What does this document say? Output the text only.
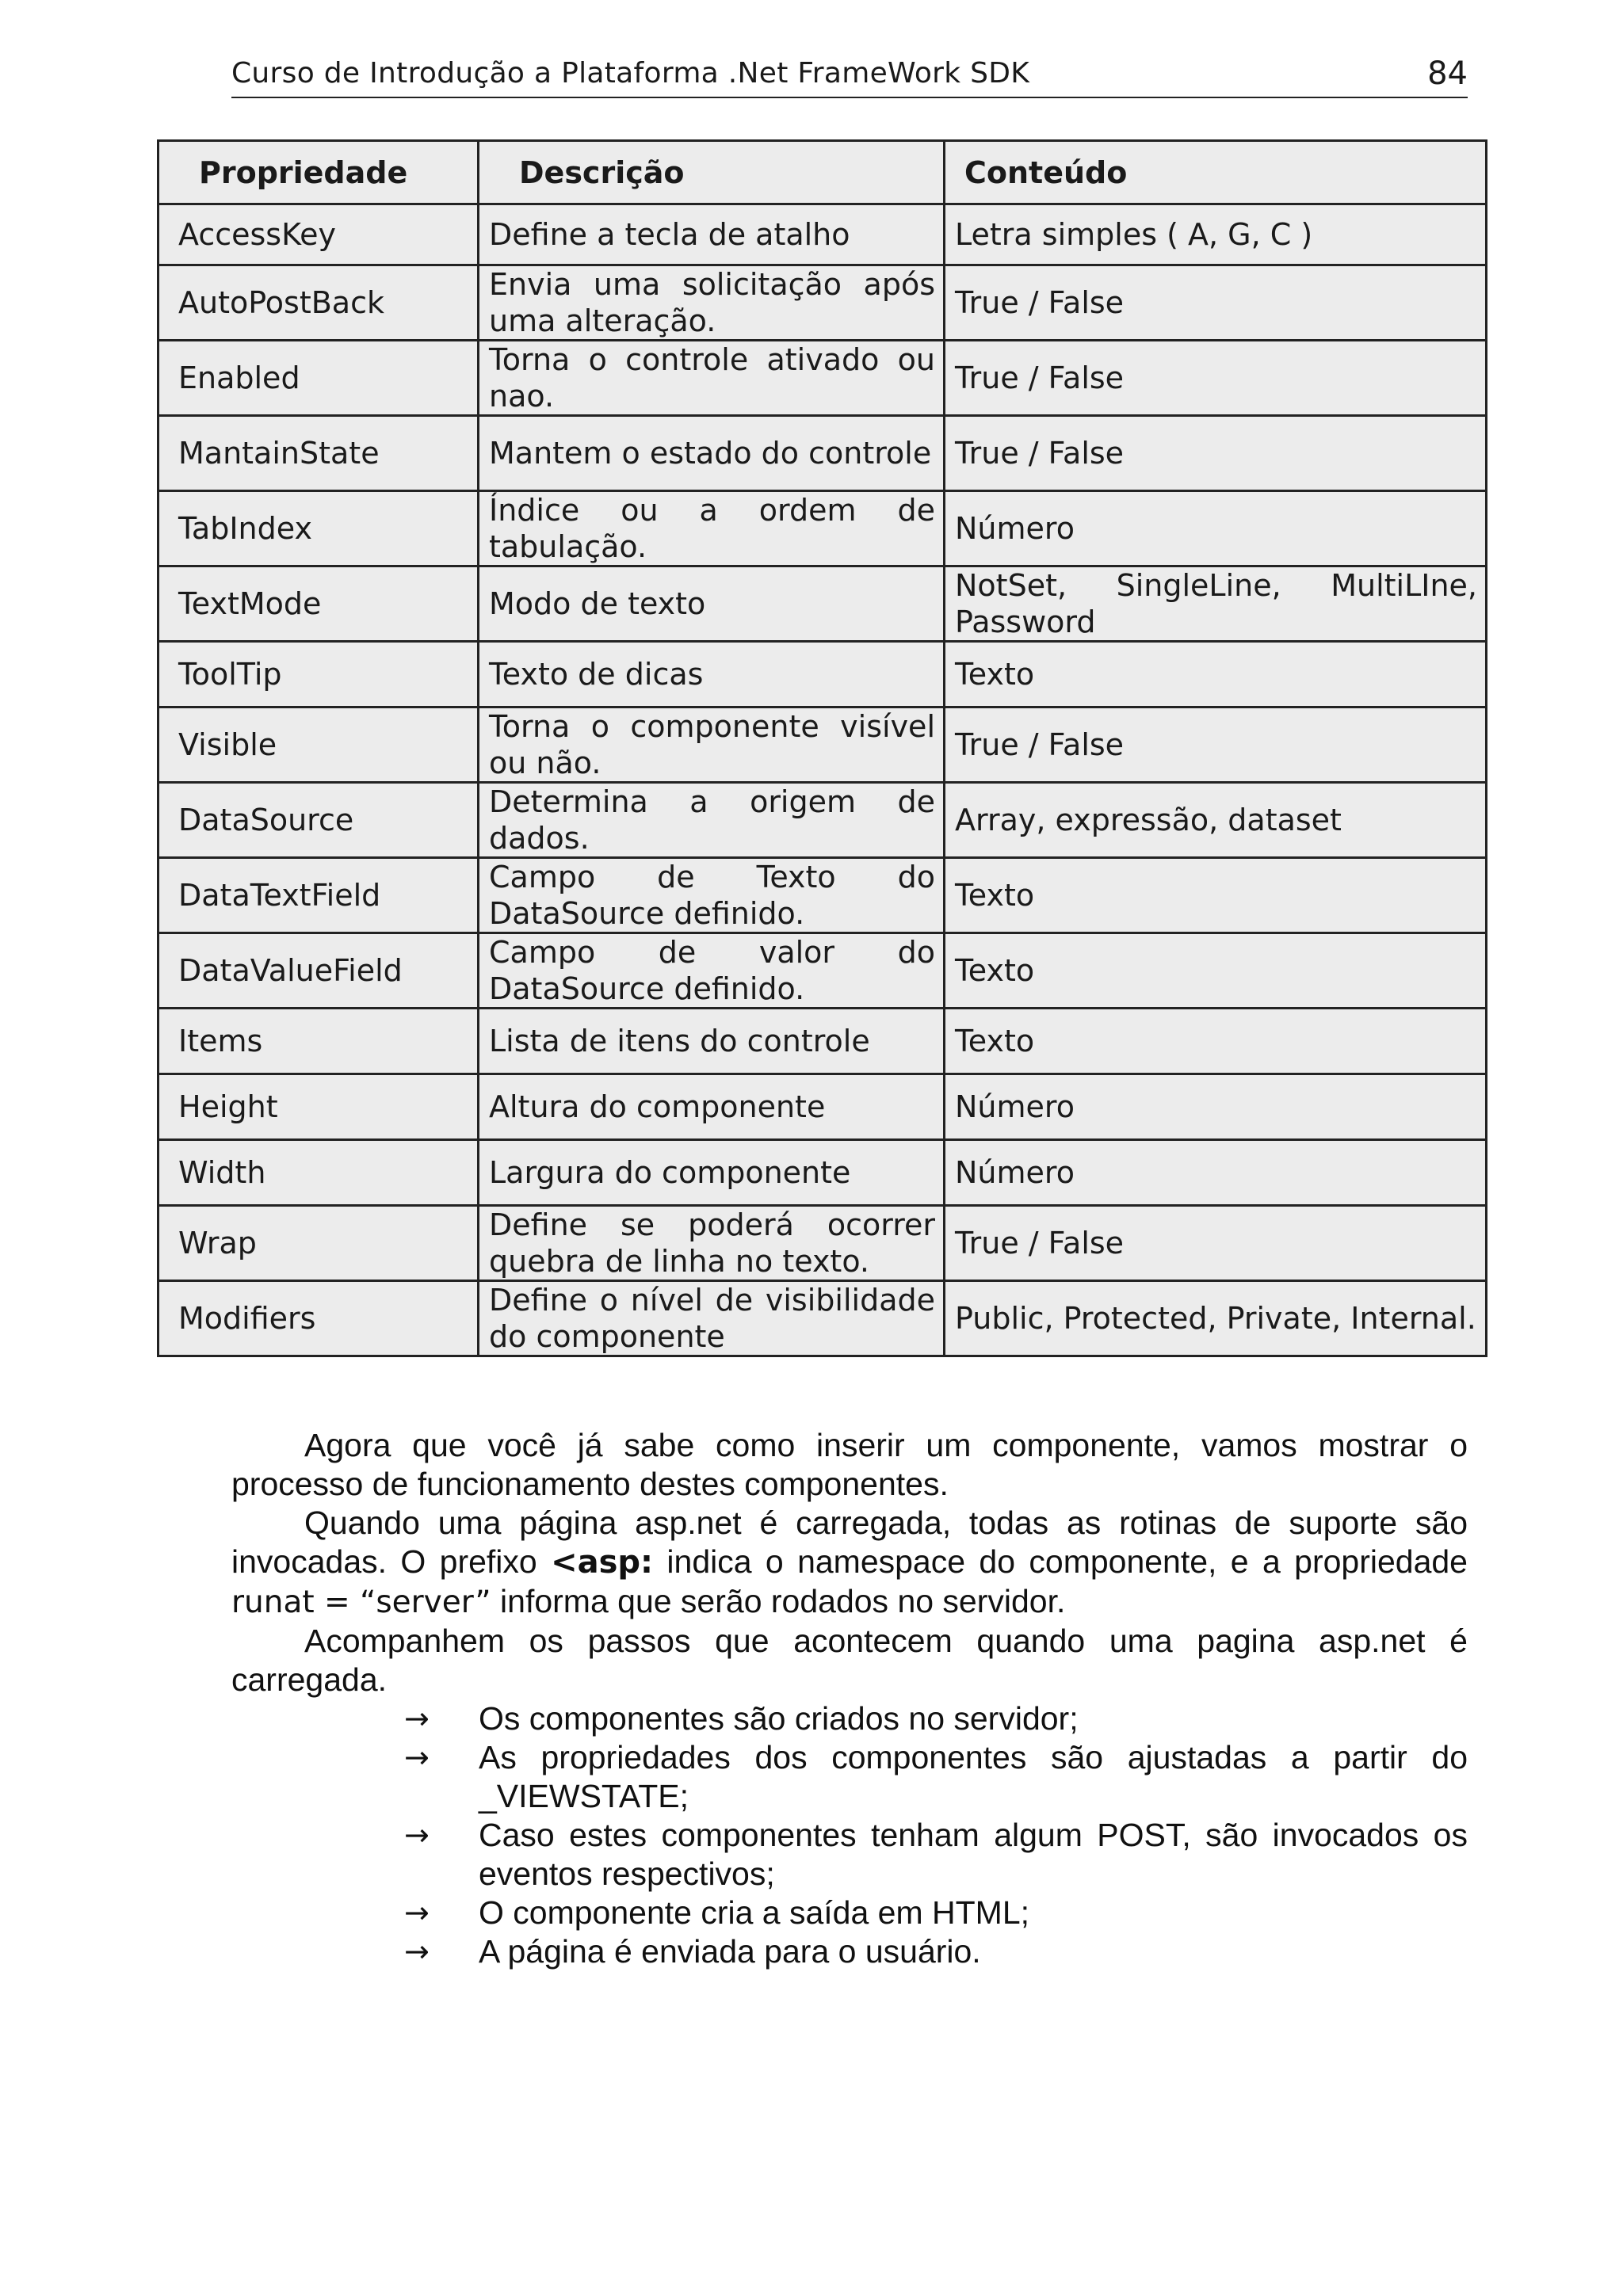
Curso de Introdução a Plataforma .Net FrameWork SDK	84
Propriedade	Descrição	Conteúdo
AccessKey	Define a tecla de atalho	Letra simples ( A, G, C )
AutoPostBack	Envia uma solicitação após uma alteração.	True / False
Enabled	Torna o controle ativado ou nao.	True / False
MantainState	Mantem o estado do controle	True / False
TabIndex	Índice ou a ordem de tabulação.	Número
TextMode	Modo de texto	NotSet, SingleLine, MultiLIne, Password
ToolTip	Texto de dicas	Texto
Visible	Torna o componente visível ou não.	True / False
DataSource	Determina a origem de dados.	Array, expressão, dataset
DataTextField	Campo de Texto do DataSource definido.	Texto
DataValueField	Campo de valor do DataSource definido.	Texto
Items	Lista de itens do controle	Texto
Height	Altura do componente	Número
Width	Largura do componente	Número
Wrap	Define se poderá ocorrer quebra de linha no texto.	True / False
Modifiers	Define o nível de visibilidade do componente	Public, Protected, Private, Internal.

Agora que você já sabe como inserir um componente, vamos mostrar o processo de funcionamento destes componentes.

Quando uma página asp.net é carregada, todas as rotinas de suporte são invocadas. O prefixo <asp: indica o namespace do componente, e a propriedade runat = “server” informa que serão rodados no servidor.

Acompanhem os passos que acontecem quando uma pagina asp.net é carregada.

→ Os componentes são criados no servidor;
→ As propriedades dos componentes são ajustadas a partir do _VIEWSTATE;
→ Caso estes componentes tenham algum POST, são invocados os eventos respectivos;
→ O componente cria a saída em HTML;
→ A página é enviada para o usuário.
